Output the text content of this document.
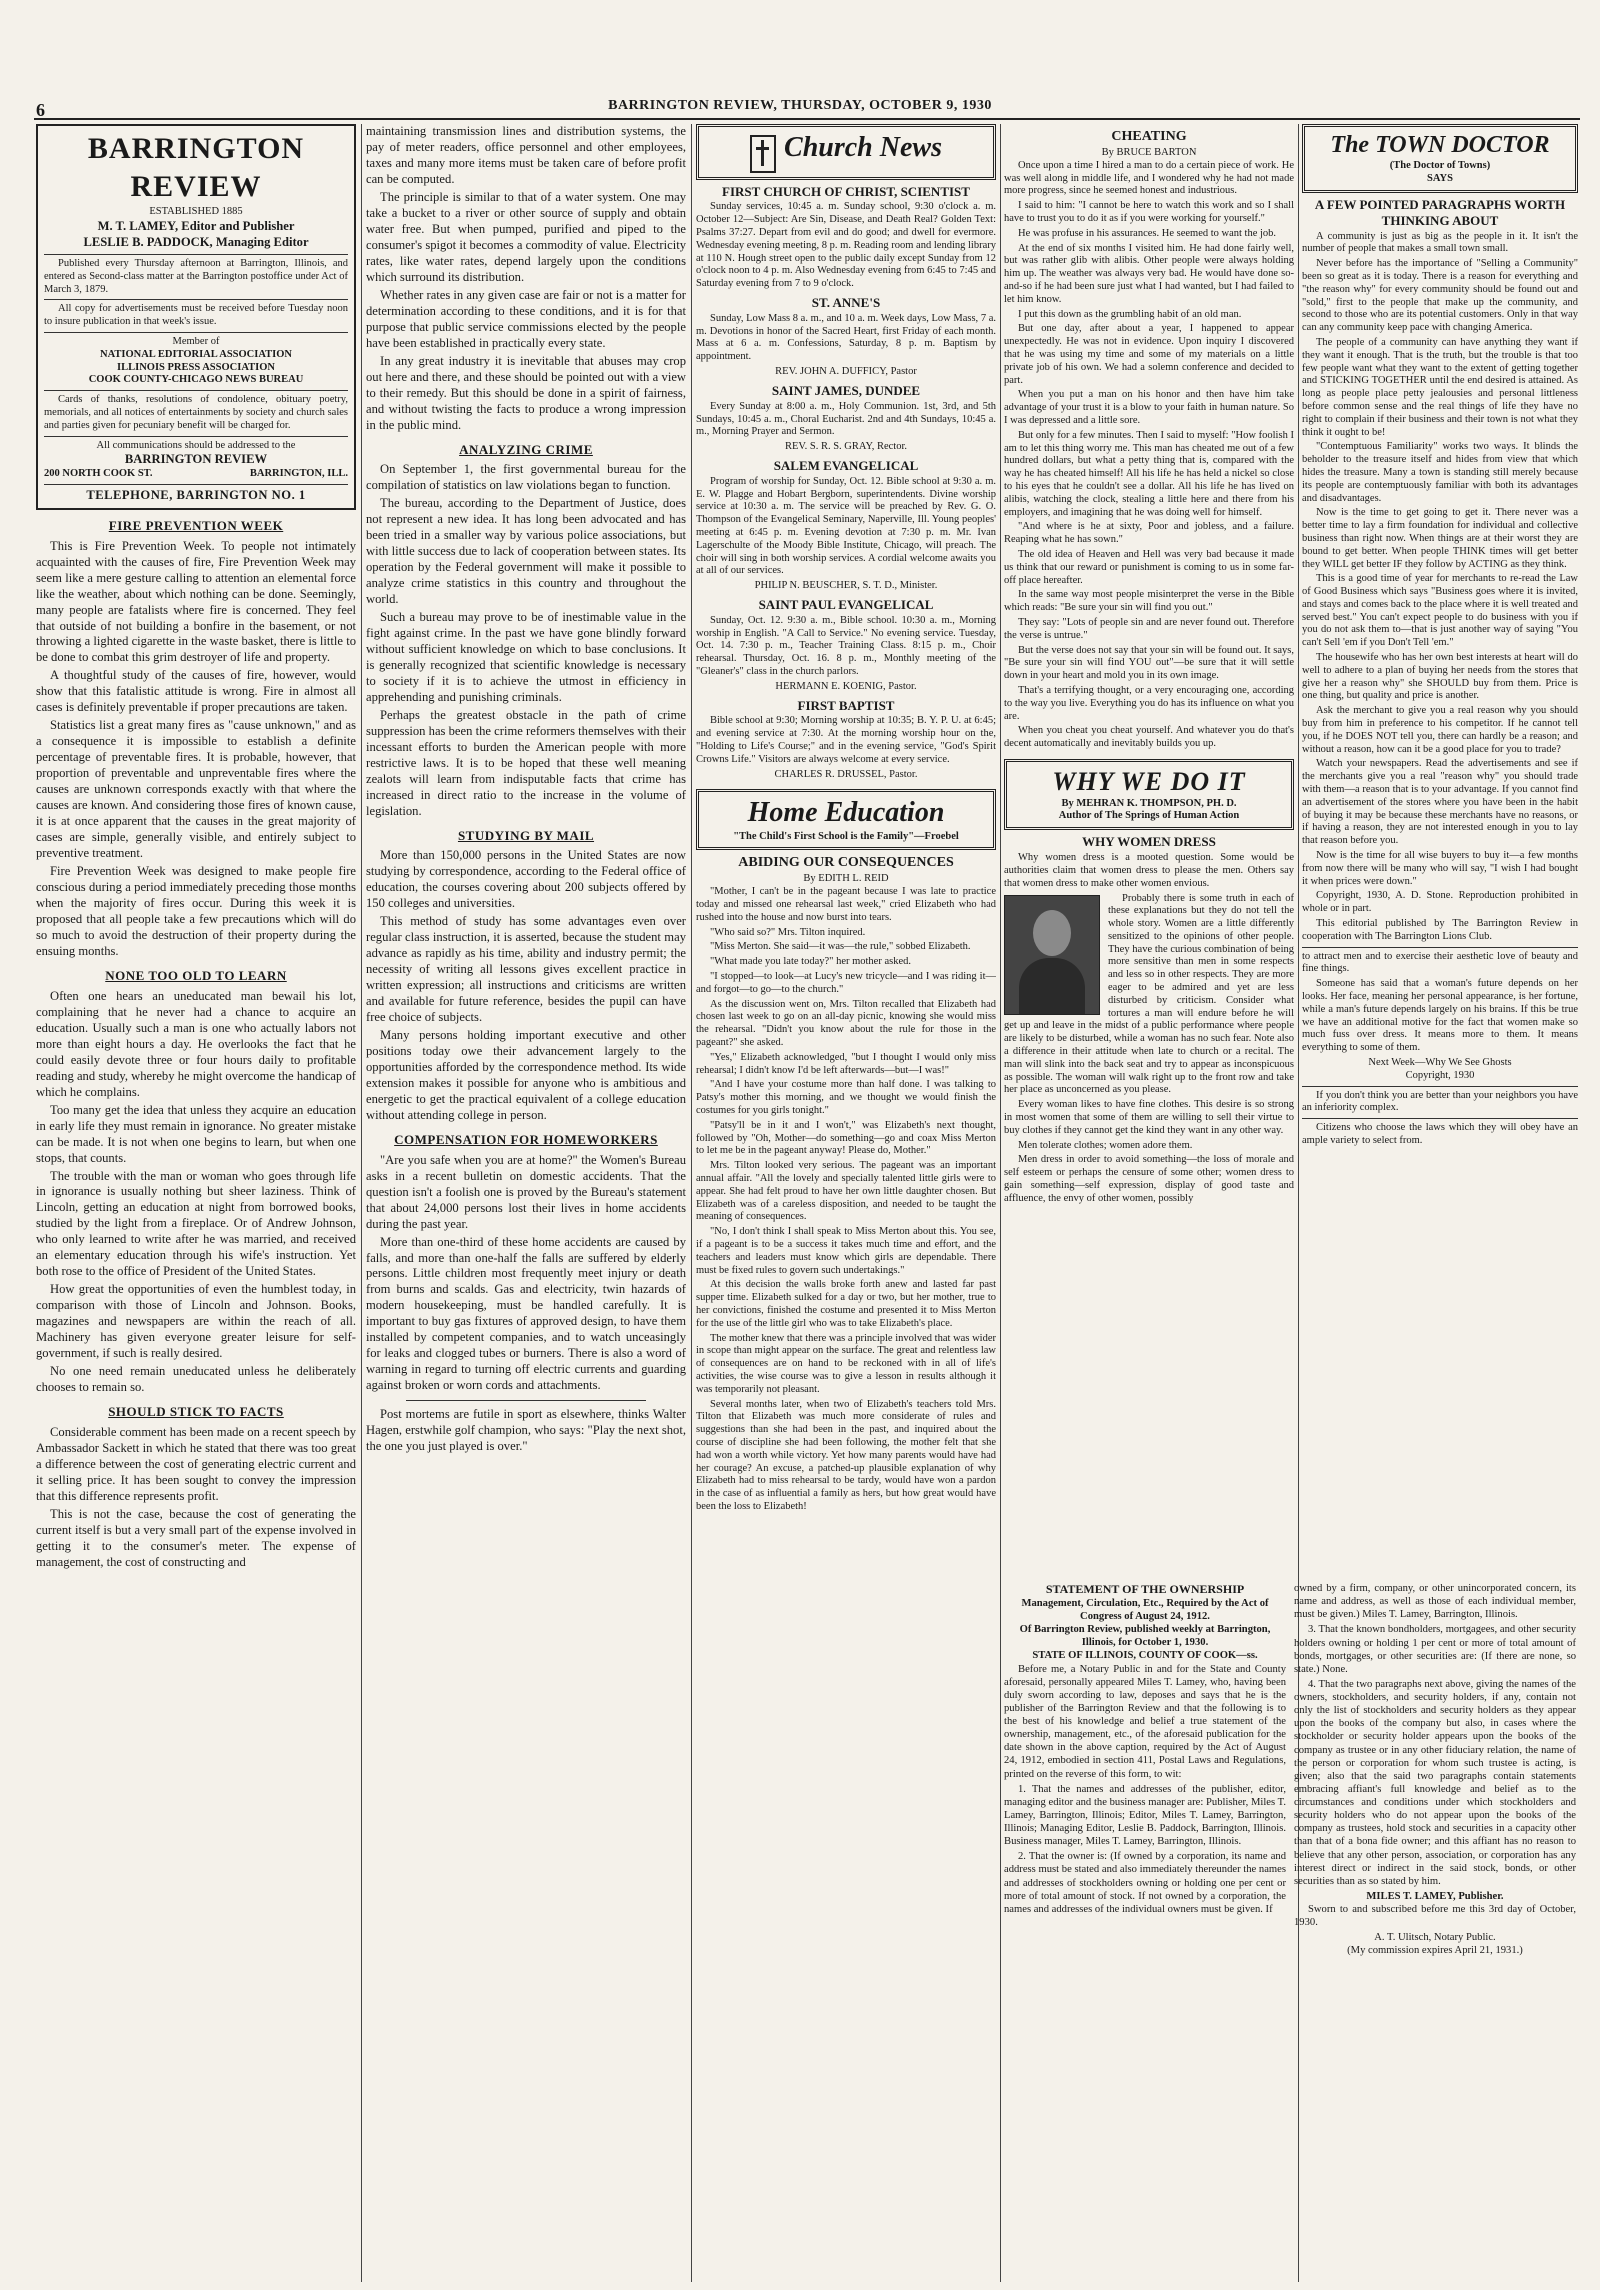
6	BARRINGTON REVIEW, THURSDAY, OCTOBER 9, 1930
BARRINGTON REVIEW
ESTABLISHED 1885
M. T. LAMEY, Editor and Publisher
LESLIE B. PADDOCK, Managing Editor

Published every Thursday afternoon at Barrington, Illinois, and entered as Second-class matter at the Barrington postoffice under Act of March 3, 1879.

All copy for advertisements must be received before Tuesday noon to insure publication in that week's issue.

Member of
NATIONAL EDITORIAL ASSOCIATION
ILLINOIS PRESS ASSOCIATION
COOK COUNTY-CHICAGO NEWS BUREAU

Cards of thanks, resolutions of condolence, obituary poetry, memorials, and all notices of entertainments by society and church sales and parties given for pecuniary benefit will be charged for.

All communications should be addressed to the
BARRINGTON REVIEW
200 NORTH COOK ST.	BARRINGTON, ILL.
TELEPHONE, BARRINGTON NO. 1
FIRE PREVENTION WEEK

This is Fire Prevention Week. To people not intimately acquainted with the causes of fire, Fire Prevention Week may seem like a mere gesture calling to attention an elemental force like the weather, about which nothing can be done. Seemingly, many people are fatalists where fire is concerned. They feel that outside of not building a bonfire in the basement, or not throwing a lighted cigarette in the waste basket, there is little to be done to combat this grim destroyer of life and property.

A thoughtful study of the causes of fire, however, would show that this fatalistic attitude is wrong. Fire in almost all cases is definitely preventable if proper precautions are taken.

Statistics list a great many fires as "cause unknown," and as a consequence it is impossible to establish a definite percentage of preventable fires. It is probable, however, that proportion of preventable and unpreventable fires where the causes are unknown corresponds exactly with that where the causes are known. And considering those fires of known cause, it is at once apparent that the causes in the great majority of cases are simple, generally visible, and entirely subject to preventive treatment.

Fire Prevention Week was designed to make people fire conscious during a period immediately preceding those months when the majority of fires occur. During this week it is proposed that all people take a few precautions which will do so much to avoid the destruction of their property during the ensuing months.

NONE TOO OLD TO LEARN

Often one hears an uneducated man bewail his lot, complaining that he never had a chance to acquire an education. Usually such a man is one who actually labors not more than eight hours a day. He overlooks the fact that he could easily devote three or four hours daily to profitable reading and study, whereby he might overcome the handicap of which he complains.

Too many get the idea that unless they acquire an education in early life they must remain in ignorance. No greater mistake can be made. It is not when one begins to learn, but when one stops, that counts.

The trouble with the man or woman who goes through life in ignorance is usually nothing but sheer laziness. Think of Lincoln, getting an education at night from borrowed books, studied by the light from a fireplace. Or of Andrew Johnson, who only learned to write after he was married, and received an elementary education through his wife's instruction. Yet both rose to the office of President of the United States.

How great the opportunities of even the humblest today, in comparison with those of Lincoln and Johnson. Books, magazines and newspapers are within the reach of all. Machinery has given everyone greater leisure for self-government, if such is really desired.

No one need remain uneducated unless he deliberately chooses to remain so.

SHOULD STICK TO FACTS

Considerable comment has been made on a recent speech by Ambassador Sackett in which he stated that there was too great a difference between the cost of generating electric current and it selling price. It has been sought to convey the impression that this difference represents profit.

This is not the case, because the cost of generating the current itself is but a very small part of the expense involved in getting it to the consumer's meter. The expense of management, the cost of constructing and

maintaining transmission lines and distribution systems, the pay of meter readers, office personnel and other employees, taxes and many more items must be taken care of before profit can be computed.

The principle is similar to that of a water system. One may take a bucket to a river or other source of supply and obtain water free. But when pumped, purified and piped to the consumer's spigot it becomes a commodity of value. Electricity rates, like water rates, depend largely upon the conditions which surround its distribution.

Whether rates in any given case are fair or not is a matter for determination according to these conditions, and it is for that purpose that public service commissions elected by the people have been established in practically every state.

In any great industry it is inevitable that abuses may crop out here and there, and these should be pointed out with a view to their remedy. But this should be done in a spirit of fairness, and without twisting the facts to produce a wrong impression in the public mind.

ANALYZING CRIME

On September 1, the first governmental bureau for the compilation of statistics on law violations began to function.

The bureau, according to the Department of Justice, does not represent a new idea. It has long been advocated and has been tried in a smaller way by various police associations, but with little success due to lack of cooperation between states. Its operation by the Federal government will make it possible to analyze crime statistics in this country and throughout the world.

Such a bureau may prove to be of inestimable value in the fight against crime. In the past we have gone blindly forward without sufficient knowledge on which to base conclusions. It is generally recognized that scientific knowledge is necessary to society if it is to achieve the utmost in efficiency in apprehending and punishing criminals.

Perhaps the greatest obstacle in the path of crime suppression has been the crime reformers themselves with their incessant efforts to burden the American people with more restrictive laws. It is to be hoped that these well meaning zealots will learn from indisputable facts that crime has increased in direct ratio to the increase in the volume of legislation.

STUDYING BY MAIL

More than 150,000 persons in the United States are now studying by correspondence, according to the Federal office of education, the courses covering about 200 subjects offered by 150 colleges and universities.

This method of study has some advantages even over regular class instruction, it is asserted, because the student may advance as rapidly as his time, ability and industry permit; the necessity of writing all lessons gives excellent practice in written expression; all instructions and criticisms are written and available for future reference, besides the pupil can have free choice of subjects.

Many persons holding important executive and other positions today owe their advancement largely to the opportunities afforded by the correspondence method. Its wide extension makes it possible for anyone who is ambitious and energetic to get the practical equivalent of a college education without attending college in person.

COMPENSATION FOR HOMEWORKERS

"Are you safe when you are at home?" the Women's Bureau asks in a recent bulletin on domestic accidents. That the question isn't a foolish one is proved by the Bureau's statement that about 24,000 persons lost their lives in home accidents during the past year.

More than one-third of these home accidents are caused by falls, and more than one-half the falls are suffered by elderly persons. Little children most frequently meet injury or death from burns and scalds. Gas and electricity, twin hazards of modern housekeeping, must be handled carefully. It is important to buy gas fixtures of approved design, to have them installed by competent companies, and to watch unceasingly for leaks and clogged tubes or burners. There is also a word of warning in regard to turning off electric currents and guarding against broken or worn cords and attachments.

Post mortems are futile in sport as elsewhere, thinks Walter Hagen, erstwhile golf champion, who says: "Play the next shot, the one you just played is over."

Church News
FIRST CHURCH OF CHRIST, SCIENTIST

Sunday services, 10:45 a. m. Sunday school, 9:30 o'clock a. m. October 12—Subject: Are Sin, Disease, and Death Real? Golden Text: Psalms 37:27. Depart from evil and do good; and dwell for evermore. Wednesday evening meeting, 8 p. m. Reading room and lending library at 110 N. Hough street open to the public daily except Sunday from 12 o'clock noon to 4 p. m. Also Wednesday evening from 6:45 to 7:45 and Saturday evening from 7 to 9 o'clock.

ST. ANNE'S

Sunday, Low Mass 8 a. m., and 10 a. m. Week days, Low Mass, 7 a. m. Devotions in honor of the Sacred Heart, first Friday of each month. Mass at 6 a. m. Confessions, Saturday, 8 p. m. Baptism by appointment.

REV. JOHN A. DUFFICY, Pastor
SAINT JAMES, DUNDEE

Every Sunday at 8:00 a. m., Holy Communion. 1st, 3rd, and 5th Sundays, 10:45 a. m., Choral Eucharist. 2nd and 4th Sundays, 10:45 a. m., Morning Prayer and Sermon.

REV. S. R. S. GRAY, Rector.
SALEM EVANGELICAL

Program of worship for Sunday, Oct. 12. Bible school at 9:30 a. m. E. W. Plagge and Hobart Bergborn, superintendents. Divine worship service at 10:30 a. m. The service will be preached by Rev. G. O. Thompson of the Evangelical Seminary, Naperville, Ill. Young peoples' meeting at 6:45 p. m. Evening devotion at 7:30 p. m. Mr. Ivan Lagerschulte of the Moody Bible Institute, Chicago, will preach. The choir will sing in both worship services. A cordial welcome awaits you at all of our services.

PHILIP N. BEUSCHER, S. T. D., Minister.
SAINT PAUL EVANGELICAL

Sunday, Oct. 12. 9:30 a. m., Bible school. 10:30 a. m., Morning worship in English. "A Call to Service." No evening service. Tuesday, Oct. 14. 7:30 p. m., Teacher Training Class. 8:15 p. m., Choir rehearsal. Thursday, Oct. 16. 8 p. m., Monthly meeting of the "Gleaner's" class in the church parlors.

HERMANN E. KOENIG, Pastor.
FIRST BAPTIST

Bible school at 9:30; Morning worship at 10:35; B. Y. P. U. at 6:45; and evening service at 7:30. At the morning worship hour on the, "Holding to Life's Course;" and in the evening service, "God's Spirit Crowns Life." Visitors are always welcome at every service.

CHARLES R. DRUSSEL, Pastor.
Home Education
"The Child's First School is the Family"—Froebel
ABIDING OUR CONSEQUENCES
By EDITH L. REID

"Mother, I can't be in the pageant because I was late to practice today and missed one rehearsal last week," cried Elizabeth who had rushed into the house and now burst into tears.

"Who said so?" Mrs. Tilton inquired.

"Miss Merton. She said—it was—the rule," sobbed Elizabeth.

"What made you late today?" her mother asked.

"I stopped—to look—at Lucy's new tricycle—and I was riding it—and forgot—to go—to the church."

As the discussion went on, Mrs. Tilton recalled that Elizabeth had chosen last week to go on an all-day picnic, knowing she would miss the rehearsal. "Didn't you know about the rule for those in the pageant?" she asked.

"Yes," Elizabeth acknowledged, "but I thought I would only miss rehearsal; I didn't know I'd be left afterwards—but—I was!"

"And I have your costume more than half done. I was talking to Patsy's mother this morning, and we thought we would finish the costumes for you girls tonight."

"Patsy'll be in it and I won't," was Elizabeth's next thought, followed by "Oh, Mother—do something—go and coax Miss Merton to let me be in the pageant anyway! Please do, Mother."

Mrs. Tilton looked very serious. The pageant was an important annual affair. "All the lovely and specially talented little girls were to appear. She had felt proud to have her own little daughter chosen. But Elizabeth was of a careless disposition, and needed to be taught the meaning of consequences.

"No, I don't think I shall speak to Miss Merton about this. You see, if a pageant is to be a success it takes much time and effort, and the teachers and leaders must know which girls are dependable. There must be fixed rules to govern such undertakings."

At this decision the walls broke forth anew and lasted far past supper time. Elizabeth sulked for a day or two, but her mother, true to her convictions, finished the costume and presented it to Miss Merton for the use of the little girl who was to take Elizabeth's place.

The mother knew that there was a principle involved that was wider in scope than might appear on the surface. The great and relentless law of consequences are on hand to be reckoned with in all of life's activities, the wise course was to give a lesson in results although it was temporarily not pleasant.

Several months later, when two of Elizabeth's teachers told Mrs. Tilton that Elizabeth was much more considerate of rules and suggestions than she had been in the past, and inquired about the course of discipline she had been following, the mother felt that she had won a worth while victory. Yet how many parents would have had her courage? An excuse, a patched-up plausible explanation of why Elizabeth had to miss rehearsal to be tardy, would have won a pardon in the case of as influential a family as hers, but how great would have been the loss to Elizabeth!

CHEATING
By BRUCE BARTON

Once upon a time I hired a man to do a certain piece of work. He was well along in middle life, and I wondered why he had not made more progress, since he seemed honest and industrious.

I said to him: "I cannot be here to watch this work and so I shall have to trust you to do it as if you were working for yourself."

He was profuse in his assurances. He seemed to want the job.

At the end of six months I visited him. He had done fairly well, but was rather glib with alibis. Other people were always holding him up. The weather was always very bad. He would have done so-and-so if he had been sure just what I had wanted, but I had failed to let him know.

I put this down as the grumbling habit of an old man.

But one day, after about a year, I happened to appear unexpectedly. He was not in evidence. Upon inquiry I discovered that he was using my time and some of my materials on a little private job of his own. We had a solemn conference and decided to part.

When you put a man on his honor and then have him take advantage of your trust it is a blow to your faith in human nature. So I was depressed and a little sore.

But only for a few minutes. Then I said to myself: "How foolish I am to let this thing worry me. This man has cheated me out of a few hundred dollars, but what a petty thing that is, compared with the way he has cheated himself! All his life he has held a nickel so close to his eyes that he couldn't see a dollar. All his life he has lived on alibis, watching the clock, stealing a little here and there from his employers, and imagining that he was doing well for himself.

"And where is he at sixty, Poor and jobless, and a failure. Reaping what he has sown."

The old idea of Heaven and Hell was very bad because it made us think that our reward or punishment is coming to us in some far-off place hereafter.

In the same way most people misinterpret the verse in the Bible which reads: "Be sure your sin will find you out."

They say: "Lots of people sin and are never found out. Therefore the verse is untrue."

But the verse does not say that your sin will be found out. It says, "Be sure your sin will find YOU out"—be sure that it will settle down in your heart and mold you in its own image.

That's a terrifying thought, or a very encouraging one, according to the way you live. Everything you do has its influence on what you are.

When you cheat you cheat yourself. And whatever you do that's decent automatically and inevitably builds you up.

WHY WE DO IT
By MEHRAN K. THOMPSON, PH. D.
Author of The Springs of Human Action
WHY WOMEN DRESS

Why women dress is a mooted question. Some would be authorities claim that women dress to please the men. Others say that women dress to make other women envious.

Probably there is some truth in each of these explanations but they do not tell the whole story. Women are a little differently sensitized to the opinions of other people. They have the curious combination of being more sensitive than men in some respects and less so in other respects. They are more eager to be admired and yet are less disturbed by criticism. Consider what tortures a man will endure before he will get up and leave in the midst of a public performance where people are likely to be disturbed, while a woman has no such fear. Note also a difference in their attitude when late to church or a recital. The man will slink into the back seat and try to appear as inconspicuous as possible. The woman will walk right up to the front row and take her place as unconcerned as you please.

Every woman likes to have fine clothes. This desire is so strong in most women that some of them are willing to sell their virtue to buy clothes if they cannot get the kind they want in any other way.

Men tolerate clothes; women adore them.

Men dress in order to avoid something—the loss of morale and self esteem or perhaps the censure of some other; women dress to gain something—self expression, display of good taste and affluence, the envy of other women, possibly

The TOWN DOCTOR
(The Doctor of Towns)
SAYS
A FEW POINTED PARAGRAPHS WORTH THINKING ABOUT

A community is just as big as the people in it. It isn't the number of people that makes a small town small.

Never before has the importance of "Selling a Community" been so great as it is today. There is a reason for everything and "the reason why" for every community should be found out and "sold," first to the people that make up the community, and second to those who are its potential customers. Only in that way can any community keep pace with changing America.

The people of a community can have anything they want if they want it enough. That is the truth, but the trouble is that too few people want what they want to the extent of getting together and STICKING TOGETHER until the end desired is attained. As long as people place petty jealousies and personal littleness before common sense and the real things of life they have no right to complain if their business and their town is not what they think it ought to be!

"Contemptuous Familiarity" works two ways. It blinds the beholder to the treasure itself and hides from view that which hides the treasure. Many a town is standing still merely because its people are contemptuously familiar with both its advantages and disadvantages.

Now is the time to get going to get it. There never was a better time to lay a firm foundation for individual and collective business than right now. When things are at their worst they are bound to get better. When people THINK times will get better they WILL get better IF they follow by ACTING as they think.

This is a good time of year for merchants to re-read the Law of Good Business which says "Business goes where it is invited, and stays and comes back to the place where it is well treated and served best." You can't expect people to do business with you if you do not ask them to—that is just another way of saying "You can't Sell 'em if you Don't Tell 'em."

The housewife who has her own best interests at heart will do well to adhere to a plan of buying her needs from the stores that give her a reason why" she SHOULD buy from them. Price is one thing, but quality and price is another.

Ask the merchant to give you a real reason why you should buy from him in preference to his competitor. If he cannot tell you, if he DOES NOT tell you, there can hardly be a reason; and without a reason, how can it be a good place for you to trade?

Watch your newspapers. Read the advertisements and see if the merchants give you a real "reason why" you should trade with them—a reason that is to your advantage. If you cannot find an advertisement of the stores where you have been in the habit of buying it may be because these merchants have no reasons, or if having a reason, they are not interested enough in you to lay that reason before you.

Now is the time for all wise buyers to buy it—a few months from now there will be many who will say, "I wish I had bought it when prices were down."

Copyright, 1930, A. D. Stone. Reproduction prohibited in whole or in part.

This editorial published by The Barrington Review in cooperation with The Barrington Lions Club.

to attract men and to exercise their aesthetic love of beauty and fine things.

Someone has said that a woman's future depends on her looks. Her face, meaning her personal appearance, is her fortune, while a man's future depends largely on his brains. If this be true we have an additional motive for the fact that women make so much fuss over dress. It means more to them. It means everything to some of them.

Next Week—Why We See Ghosts
Copyright, 1930

If you don't think you are better than your neighbors you have an inferiority complex.

Citizens who choose the laws which they will obey have an ample variety to select from.

STATEMENT OF THE OWNERSHIP
Management, Circulation, Etc., Required by the Act of Congress of August 24, 1912.
Of Barrington Review, published weekly at Barrington, Illinois, for October 1, 1930.
STATE OF ILLINOIS, COUNTY OF COOK—ss.

Before me, a Notary Public in and for the State and County aforesaid, personally appeared Miles T. Lamey, who, having been duly sworn according to law, deposes and says that he is the publisher of the Barrington Review and that the following is to the best of his knowledge and belief a true statement of the ownership, management, etc., of the aforesaid publication for the date shown in the above caption, required by the Act of August 24, 1912, embodied in section 411, Postal Laws and Regulations, printed on the reverse of this form, to wit:

1. That the names and addresses of the publisher, editor, managing editor and the business manager are: Publisher, Miles T. Lamey, Barrington, Illinois; Editor, Miles T. Lamey, Barrington, Illinois; Managing Editor, Leslie B. Paddock, Barrington, Illinois. Business manager, Miles T. Lamey, Barrington, Illinois.

2. That the owner is: (If owned by a corporation, its name and address must be stated and also immediately thereunder the names and addresses of stockholders owning or holding one per cent or more of total amount of stock. If not owned by a corporation, the names and addresses of the individual owners must be given. If

owned by a firm, company, or other unincorporated concern, its name and address, as well as those of each individual member, must be given.) Miles T. Lamey, Barrington, Illinois.

3. That the known bondholders, mortgagees, and other security holders owning or holding 1 per cent or more of total amount of bonds, mortgages, or other securities are: (If there are none, so state.) None.

4. That the two paragraphs next above, giving the names of the owners, stockholders, and security holders, if any, contain not only the list of stockholders and security holders as they appear upon the books of the company but also, in cases where the stockholder or security holder appears upon the books of the company as trustee or in any other fiduciary relation, the name of the person or corporation for whom such trustee is acting, is given; also that the said two paragraphs contain statements embracing affiant's full knowledge and belief as to the circumstances and conditions under which stockholders and security holders who do not appear upon the books of the company as trustees, hold stock and securities in a capacity other than that of a bona fide owner; and this affiant has no reason to believe that any other person, association, or corporation has any interest direct or indirect in the said stock, bonds, or other securities than as so stated by him.

MILES T. LAMEY, Publisher.

Sworn to and subscribed before me this 3rd day of October, 1930.

A. T. Ulitsch, Notary Public.
(My commission expires April 21, 1931.)
